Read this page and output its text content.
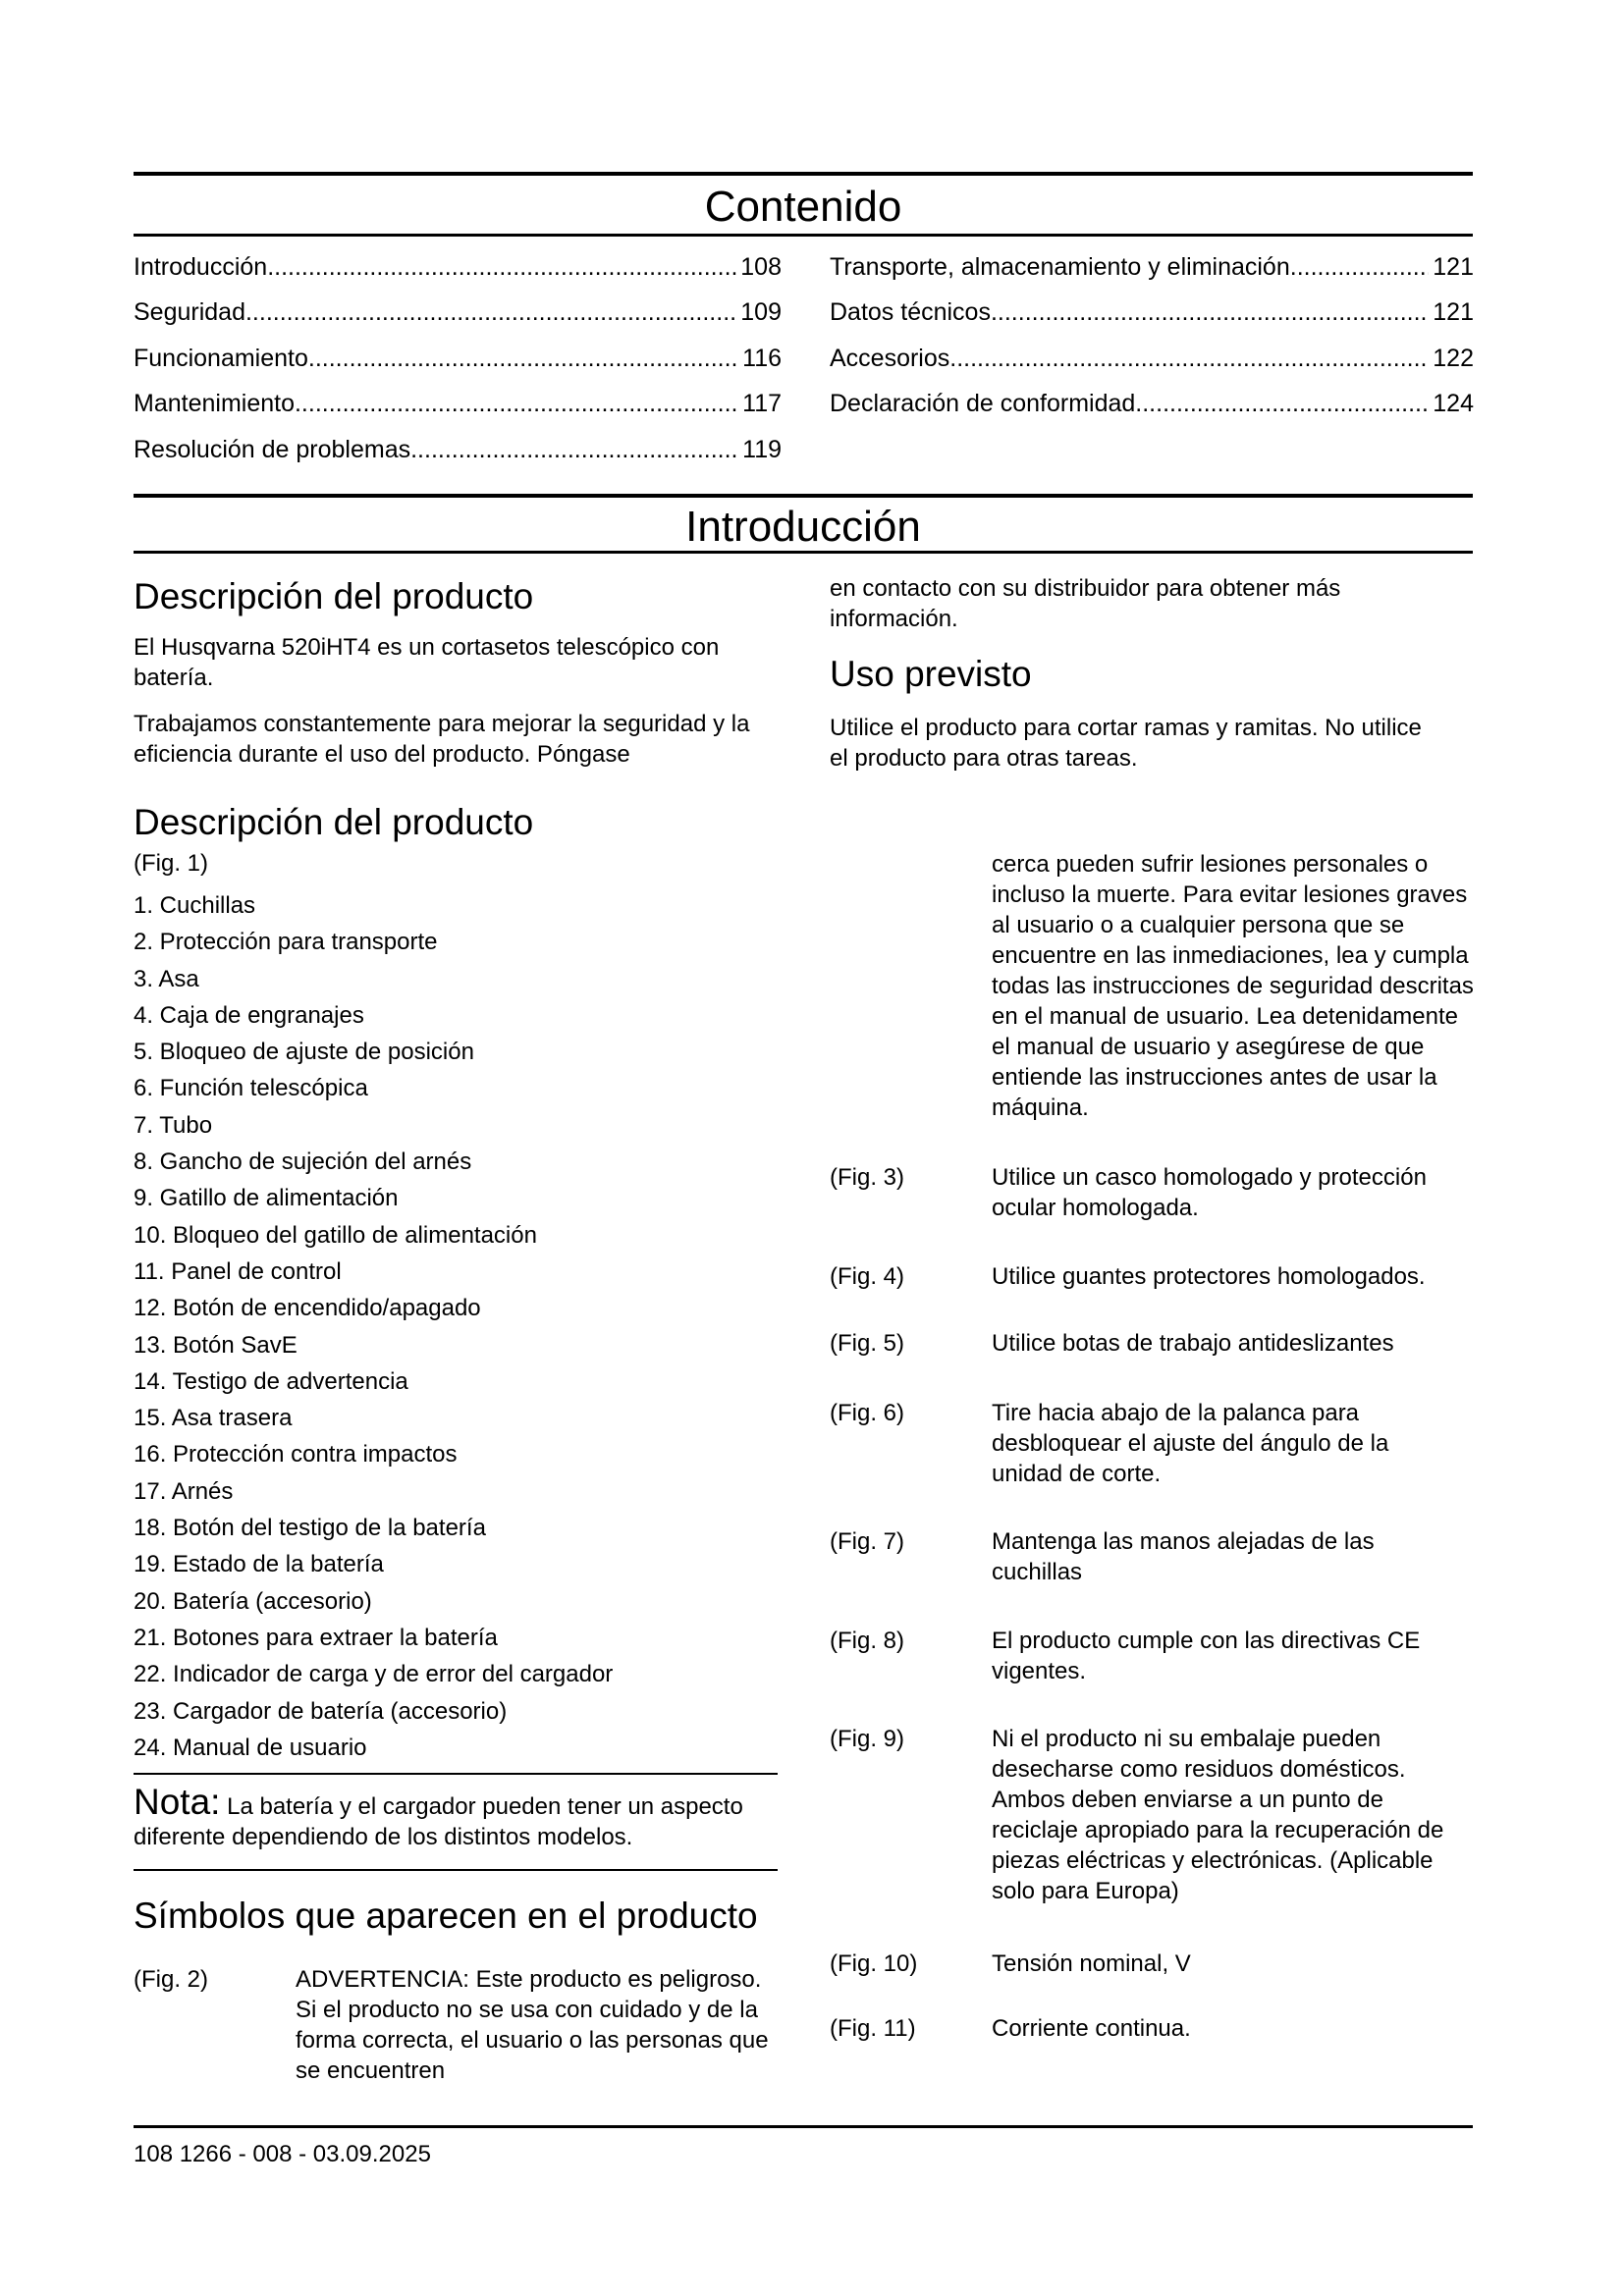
Contenido
Introducción .....	108
Seguridad .....	109
Funcionamiento .....	116
Mantenimiento .....	117
Resolución de problemas .....	119
Transporte, almacenamiento y eliminación .....	121
Datos técnicos .....	121
Accesorios .....	122
Declaración de conformidad .....	124
Introducción
Descripción del producto
El Husqvarna 520iHT4 es un cortasetos telescópico con batería.
Trabajamos constantemente para mejorar la seguridad y la eficiencia durante el uso del producto. Póngase
en contacto con su distribuidor para obtener más información.
Uso previsto
Utilice el producto para cortar ramas y ramitas. No utilice el producto para otras tareas.
Descripción del producto
(Fig. 1)
1. Cuchillas
2. Protección para transporte
3. Asa
4. Caja de engranajes
5. Bloqueo de ajuste de posición
6. Función telescópica
7. Tubo
8. Gancho de sujeción del arnés
9. Gatillo de alimentación
10. Bloqueo del gatillo de alimentación
11. Panel de control
12. Botón de encendido/apagado
13. Botón SavE
14. Testigo de advertencia
15. Asa trasera
16. Protección contra impactos
17. Arnés
18. Botón del testigo de la batería
19. Estado de la batería
20. Batería (accesorio)
21. Botones para extraer la batería
22. Indicador de carga y de error del cargador
23. Cargador de batería (accesorio)
24. Manual de usuario
Nota: La batería y el cargador pueden tener un aspecto diferente dependiendo de los distintos modelos.
Símbolos que aparecen en el producto
(Fig. 2)	ADVERTENCIA: Este producto es peligroso. Si el producto no se usa con cuidado y de la forma correcta, el usuario o las personas que se encuentren
cerca pueden sufrir lesiones personales o incluso la muerte. Para evitar lesiones graves al usuario o a cualquier persona que se encuentre en las inmediaciones, lea y cumpla todas las instrucciones de seguridad descritas en el manual de usuario. Lea detenidamente el manual de usuario y asegúrese de que entiende las instrucciones antes de usar la máquina.
(Fig. 3)	Utilice un casco homologado y protección ocular homologada.
(Fig. 4)	Utilice guantes protectores homologados.
(Fig. 5)	Utilice botas de trabajo antideslizantes
(Fig. 6)	Tire hacia abajo de la palanca para desbloquear el ajuste del ángulo de la unidad de corte.
(Fig. 7)	Mantenga las manos alejadas de las cuchillas
(Fig. 8)	El producto cumple con las directivas CE vigentes.
(Fig. 9)	Ni el producto ni su embalaje pueden desecharse como residuos domésticos. Ambos deben enviarse a un punto de reciclaje apropiado para la recuperación de piezas eléctricas y electrónicas. (Aplicable solo para Europa)
(Fig. 10)	Tensión nominal, V
(Fig. 11)	Corriente continua.
108 1266 - 008 - 03.09.2025
